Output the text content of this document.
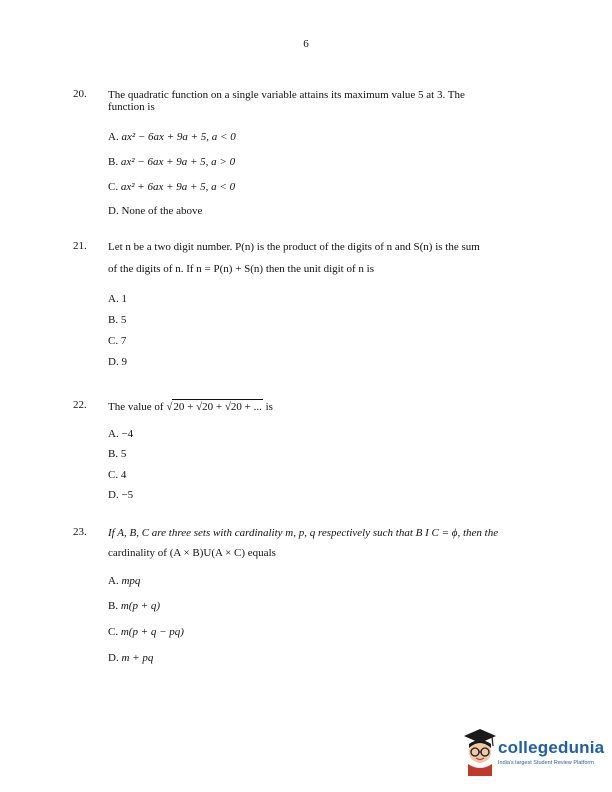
6
20. The quadratic function on a single variable attains its maximum value 5 at 3. The
function is
A. ax² − 6ax + 9a + 5, a < 0
B. ax² − 6ax + 9a + 5, a > 0
C. ax² + 6ax + 9a + 5, a < 0
D. None of the above
21. Let n be a two digit number. P(n) is the product of the digits of n and S(n) is the sum
of the digits of n. If n = P(n) + S(n) then the unit digit of n is
A. 1
B. 5
C. 7
D. 9
22. The value of √20 + √20 + √20 + ... is
A. −4
B. 5
C. 4
D. −5
23. If A, B, C are three sets with cardinality m, p, q respectively such that B I C = ϕ, then the
cardinality of (A × B)U(A × C) equals
A. mpq
B. m(p + q)
C. m(p + q − pq)
D. m + pq
collegedunia
India's largest Student Review Platform
